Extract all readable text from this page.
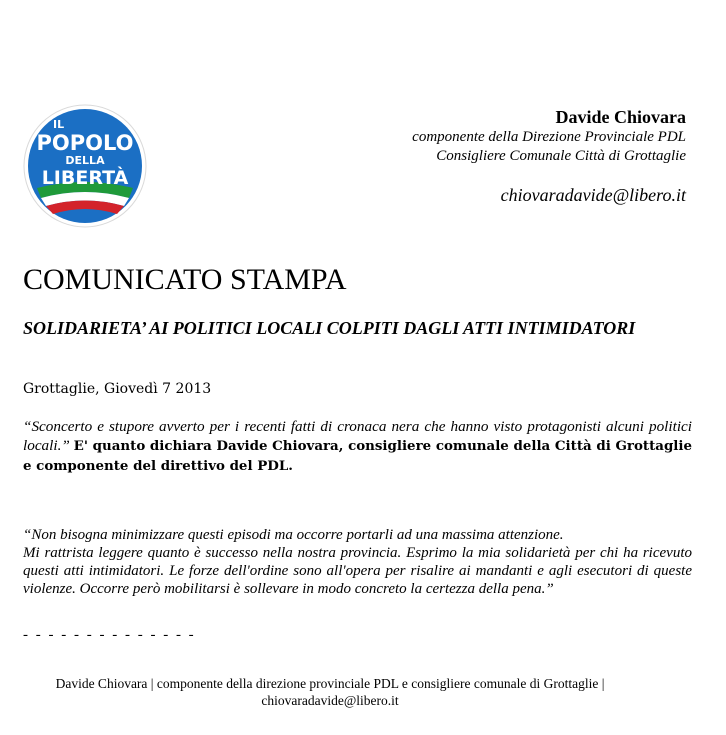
IL
POPOLO
DELLA
LIBERTÀ
Davide Chiovara
componente della Direzione Provinciale PDL
Consigliere Comunale Città di Grottaglie
chiovaradavide@libero.it
COMUNICATO STAMPA
SOLIDARIETA’ AI POLITICI LOCALI COLPITI DAGLI ATTI INTIMIDATORI
Grottaglie, Giovedì 7 2013
“Sconcerto e stupore avverto per i recenti fatti di cronaca nera che hanno visto protagonisti alcuni politici locali.” E' quanto dichiara Davide Chiovara, consigliere comunale della Città di Grottaglie e componente del direttivo del PDL.
“Non bisogna minimizzare questi episodi ma occorre portarli ad una massima attenzione.
Mi rattrista leggere quanto è successo nella nostra provincia. Esprimo la mia solidarietà per chi ha ricevuto questi atti intimidatori. Le forze dell'ordine sono all'opera per risalire ai mandanti e agli esecutori di queste violenze. Occorre però mobilitarsi è sollevare in modo concreto la certezza della pena.”
- - - - - - - - - - - - - -
Davide Chiovara | componente della direzione provinciale PDL e consigliere comunale di Grottaglie |
chiovaradavide@libero.it
